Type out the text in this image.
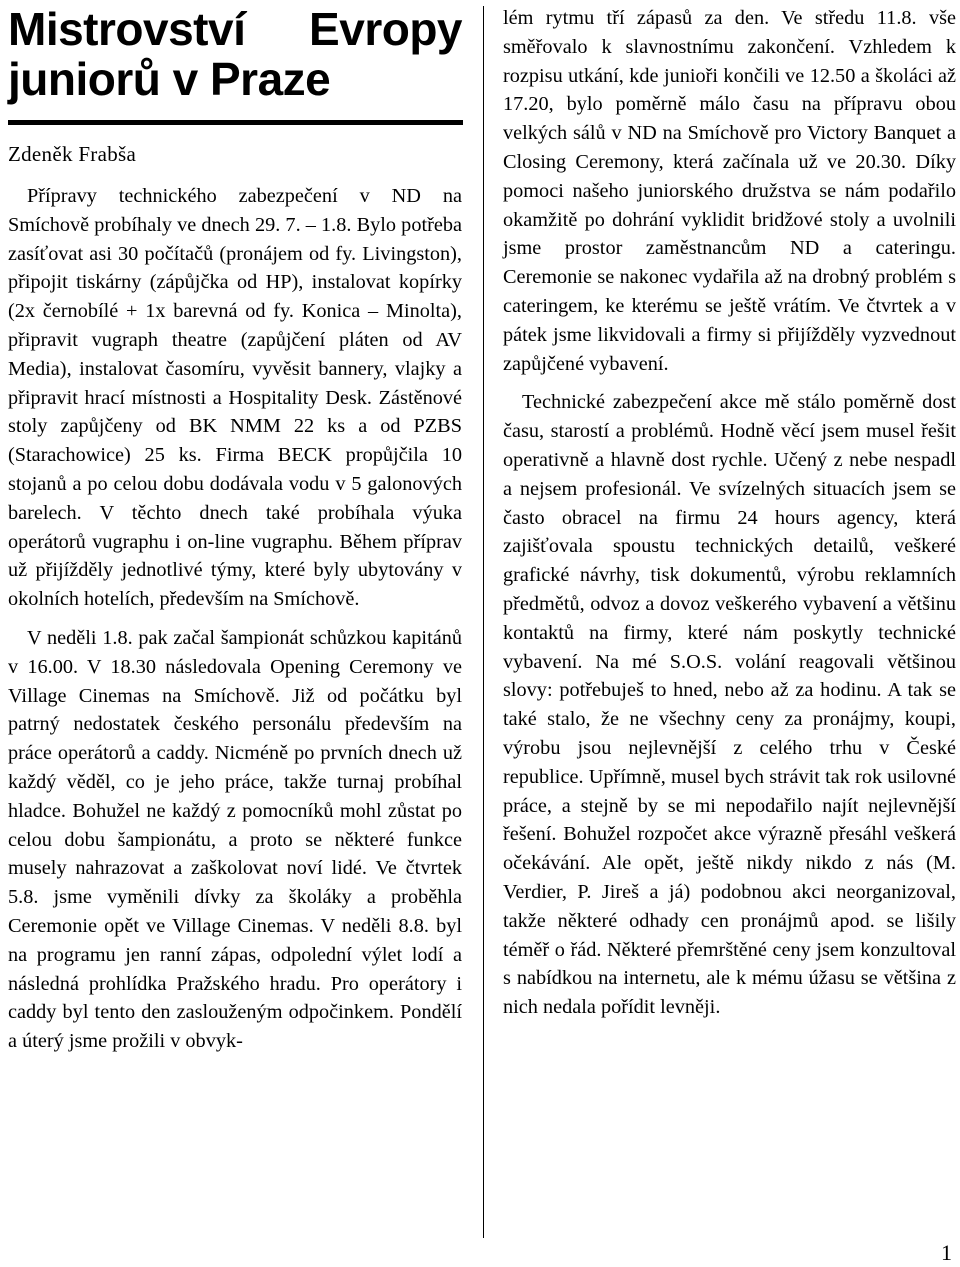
Mistrovství Evropy juniorů v Praze
Zdeněk Frabša

Přípravy technického zabezpečení v ND na Smíchově probíhaly ve dnech 29. 7. – 1.8. Bylo potřeba zasíťovat asi 30 počítačů (pronájem od fy. Livingston), připojit tiskárny (zápůjčka od HP), instalovat kopírky (2x černobílé + 1x barevná od fy. Konica – Minolta), připravit vugraph theatre (zapůjčení pláten od AV Media), instalovat časomíru, vyvěsit bannery, vlajky a připravit hrací místnosti a Hospitality Desk. Zástěnové stoly zapůjčeny od BK NMM 22 ks a od PZBS (Starachowice) 25 ks. Firma BECK propůjčila 10 stojanů a po celou dobu dodávala vodu v 5 galonových barelech. V těchto dnech také probíhala výuka operátorů vugraphu i on-line vugraphu. Během příprav už přijížděly jednotlivé týmy, které byly ubytovány v okolních hotelích, především na Smíchově.

V neděli 1.8. pak začal šampionát schůzkou kapitánů v 16.00. V 18.30 následovala Opening Ceremony ve Village Cinemas na Smíchově. Již od počátku byl patrný nedostatek českého personálu především na práce operátorů a caddy. Nicméně po prvních dnech už každý věděl, co je jeho práce, takže turnaj probíhal hladce. Bohužel ne každý z pomocníků mohl zůstat po celou dobu šampionátu, a proto se některé funkce musely nahrazovat a zaškolovat noví lidé. Ve čtvrtek 5.8. jsme vyměnili dívky za školáky a proběhla Ceremonie opět ve Village Cinemas. V neděli 8.8. byl na programu jen ranní zápas, odpolední výlet lodí a následná prohlídka Pražského hradu. Pro operátory i caddy byl tento den zaslouženým odpočinkem. Pondělí a úterý jsme prožili v obvyk-

lém rytmu tří zápasů za den. Ve středu 11.8. vše směřovalo k slavnostnímu zakončení. Vzhledem k rozpisu utkání, kde junioři končili ve 12.50 a školáci až 17.20, bylo poměrně málo času na přípravu obou velkých sálů v ND na Smíchově pro Victory Banquet a Closing Ceremony, která začínala už ve 20.30. Díky pomoci našeho juniorského družstva se nám podařilo okamžitě po dohrání vyklidit bridžové stoly a uvolnili jsme prostor zaměstnancům ND a cateringu. Ceremonie se nakonec vydařila až na drobný problém s cateringem, ke kterému se ještě vrátím. Ve čtvrtek a v pátek jsme likvidovali a firmy si přijížděly vyzvednout zapůjčené vybavení.

Technické zabezpečení akce mě stálo poměrně dost času, starostí a problémů. Hodně věcí jsem musel řešit operativně a hlavně dost rychle. Učený z nebe nespadl a nejsem profesionál. Ve svízelných situacích jsem se často obracel na firmu 24 hours agency, která zajišťovala spoustu technických detailů, veškeré grafické návrhy, tisk dokumentů, výrobu reklamních předmětů, odvoz a dovoz veškerého vybavení a většinu kontaktů na firmy, které nám poskytly technické vybavení. Na mé S.O.S. volání reagovali většinou slovy: potřebuješ to hned, nebo až za hodinu. A tak se také stalo, že ne všechny ceny za pronájmy, koupi, výrobu jsou nejlevnější z celého trhu v České republice. Upřímně, musel bych strávit tak rok usilovné práce, a stejně by se mi nepodařilo najít nejlevnější řešení. Bohužel rozpočet akce výrazně přesáhl veškerá očekávání. Ale opět, ještě nikdy nikdo z nás (M. Verdier, P. Jireš a já) podobnou akci neorganizoval, takže některé odhady cen pronájmů apod. se lišily téměř o řád. Některé přemrštěné ceny jsem konzultoval s nabídkou na internetu, ale k mému úžasu se většina z nich nedala pořídit levněji.

1
